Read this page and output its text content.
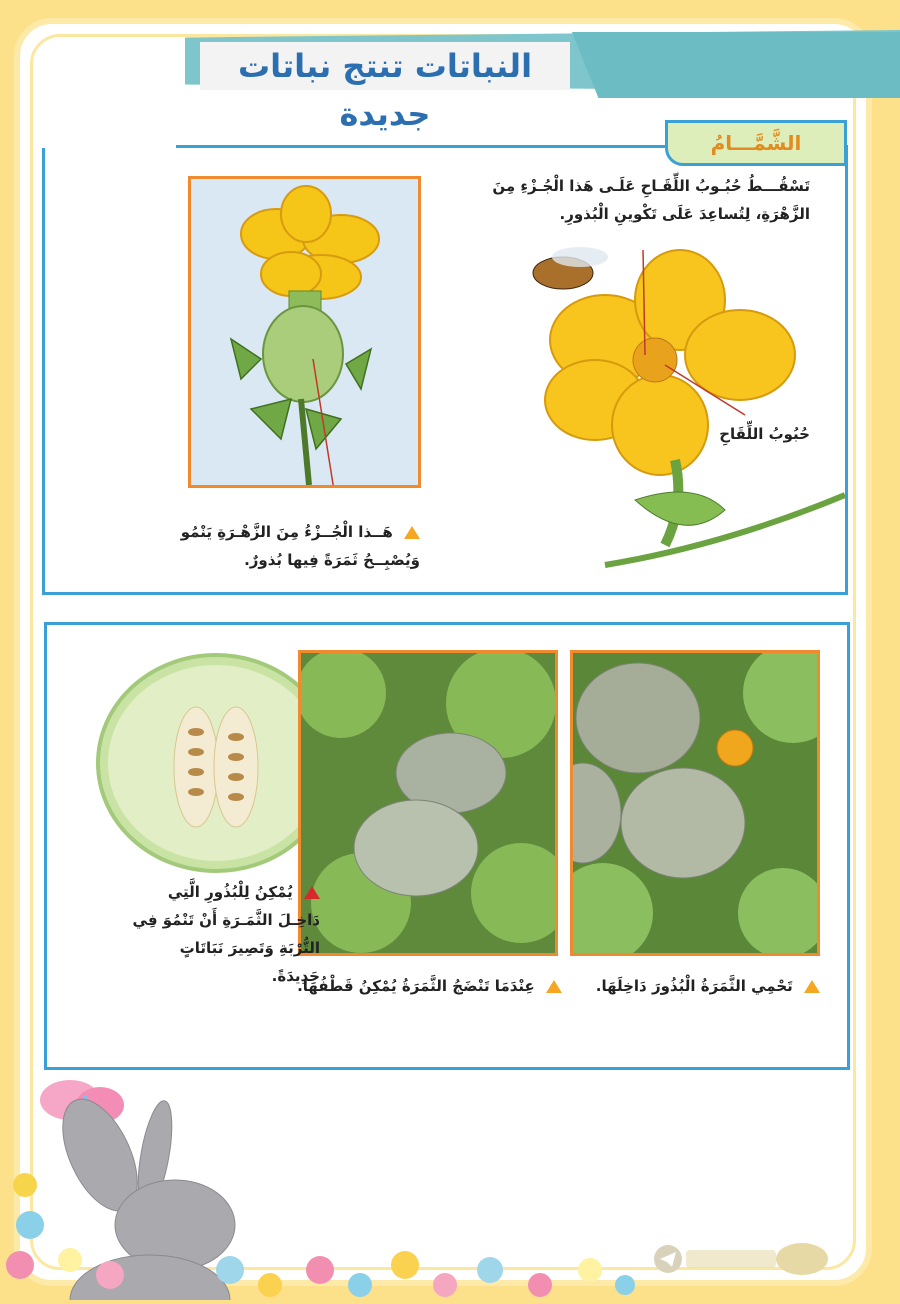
النباتات تنتج نباتات جديدة
الشَّمَّـــامُ
تَسْقُـــطُ حُبُـوبُ اللِّقَـاحِ عَلَـى هَذا الْجُـزْءِ مِنَ الزَّهْرَةِ، لِتُساعِدَ عَلَى تَكْوينِ الْبُذورِ.
حُبُوبُ اللِّقَاحِ
هَــذا الْجُــزْءُ مِنَ الزَّهْـرَةِ يَنْمُو وَيُصْبِــحُ ثَمَرَةً فِيها بُذورٌ.
يُمْكِنُ لِلْبُذُورِ الَّتِي دَاخِـلَ الثَّمَـرَةِ أَنْ تَنْمُوَ فِي التُّرْبَةِ وَتَصِيرَ نَبَاتَاتٍ جَدِيدَةً.
عِنْدَمَا تَنْضَجُ الثَّمَرَةُ يُمْكِنُ قَطْفُهَا.	تَحْمِي الثَّمَرَةُ الْبُذُورَ دَاخِلَهَا.
